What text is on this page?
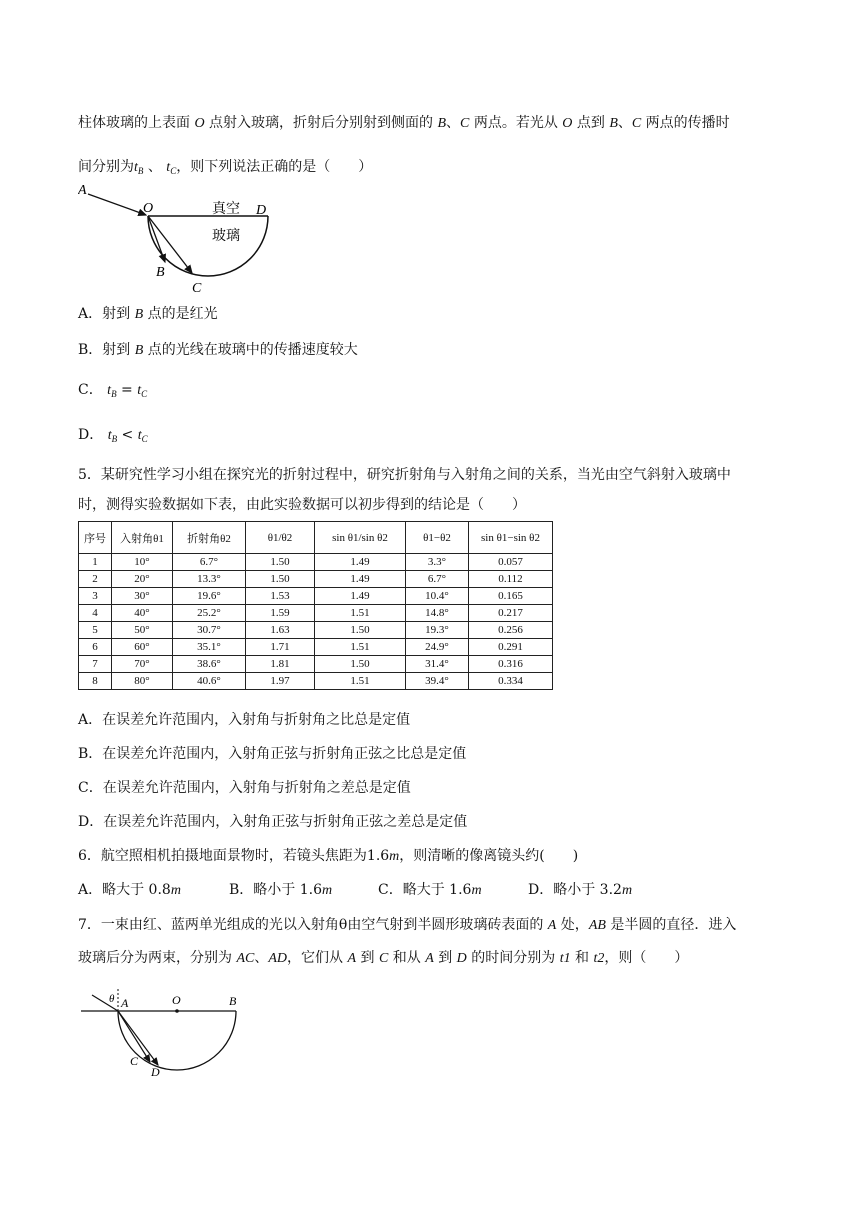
柱体玻璃的上表面 O 点射入玻璃，折射后分别射到侧面的 B、C 两点。若光从 O 点到 B、C 两点的传播时
间分别为$t_B$ 、 $t_C$，则下列说法正确的是（　　）
A
O	D
真空
玻璃
B
C
A．射到 B 点的是红光
B．射到 B 点的光线在玻璃中的传播速度较大
C． $t_B = t_C$
D． $t_B < t_C$
5．某研究性学习小组在探究光的折射过程中，研究折射角与入射角之间的关系，当光由空气斜射入玻璃中
时，测得实验数据如下表，由此实验数据可以初步得到的结论是（　　）
序号	入射角θ1	折射角θ2	θ1/θ2	sin θ1/sin θ2	θ1−θ2	sin θ1−sin θ2
1	10°	6.7°	1.50	1.49	3.3°	0.057
2	20°	13.3°	1.50	1.49	6.7°	0.112
3	30°	19.6°	1.53	1.49	10.4°	0.165
4	40°	25.2°	1.59	1.51	14.8°	0.217
5	50°	30.7°	1.63	1.50	19.3°	0.256
6	60°	35.1°	1.71	1.51	24.9°	0.291
7	70°	38.6°	1.81	1.50	31.4°	0.316
8	80°	40.6°	1.97	1.51	39.4°	0.334
A．在误差允许范围内，入射角与折射角之比总是定值
B．在误差允许范围内，入射角正弦与折射角正弦之比总是定值
C．在误差允许范围内，入射角与折射角之差总是定值
D．在误差允许范围内，入射角正弦与折射角正弦之差总是定值
6．航空照相机拍摄地面景物时，若镜头焦距为1.6m，则清晰的像离镜头约(　　)
A．略大于 0.8m	B．略小于 1.6m	C．略大于 1.6m	D．略小于 3.2m
7．一束由红、蓝两单光组成的光以入射角θ由空气射到半圆形玻璃砖表面的 A 处，AB 是半圆的直径．进入
玻璃后分为两束，分别为 AC、AD，它们从 A 到 C 和从 A 到 D 的时间分别为 t1 和 t2，则（　　）
θ A	O	B
C
D
